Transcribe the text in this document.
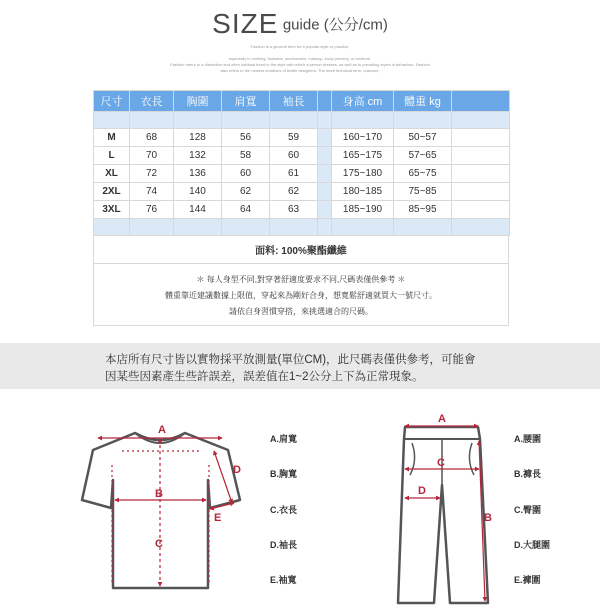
SIZE guide (公分/cm)
Fashion is a general term for a popular style or practice,
especially in clothing, footwear, accessories, makeup, body piercing, or furniture.
Fashion refers to a distinctive and often habitual trend in the style with which a person dresses, as well as to prevailing styles in behaviour. Fashion
also refers to the newest creations of textile designers. The more technical term, costume,
尺寸	衣長	胸圍	肩寬	袖長		身高 cm	體重 kg	

M	68	128	56	59		160~170	50~57	
L	70	132	58	60		165~175	57~65	
XL	72	136	60	61		175~180	65~75	
2XL	74	140	62	62		180~185	75~85	
3XL	76	144	64	63		185~190	85~95	

面料: 100%聚酯纖維
＊ 每人身型不同,對穿著舒適度要求不同,尺碼表僅供參考 ＊
體重靠近建議數據上限值，穿起來為剛好合身，想寬鬆舒適就買大一號尺寸。
請依自身習慣穿搭，來挑選適合的尺碼。
本店所有尺寸皆以實物採平放測量(單位CM)，此尺碼表僅供參考，可能會
因某些因素產生些許誤差，誤差值在1~2公分上下為正常現象。
A
B
C
D
E
A
B
C
D
A.肩寬
B.胸寬
C.衣長
D.袖長
E.袖寬
A.腰圍
B.褲長
C.臀圍
D.大腿圍
E.褲圍
